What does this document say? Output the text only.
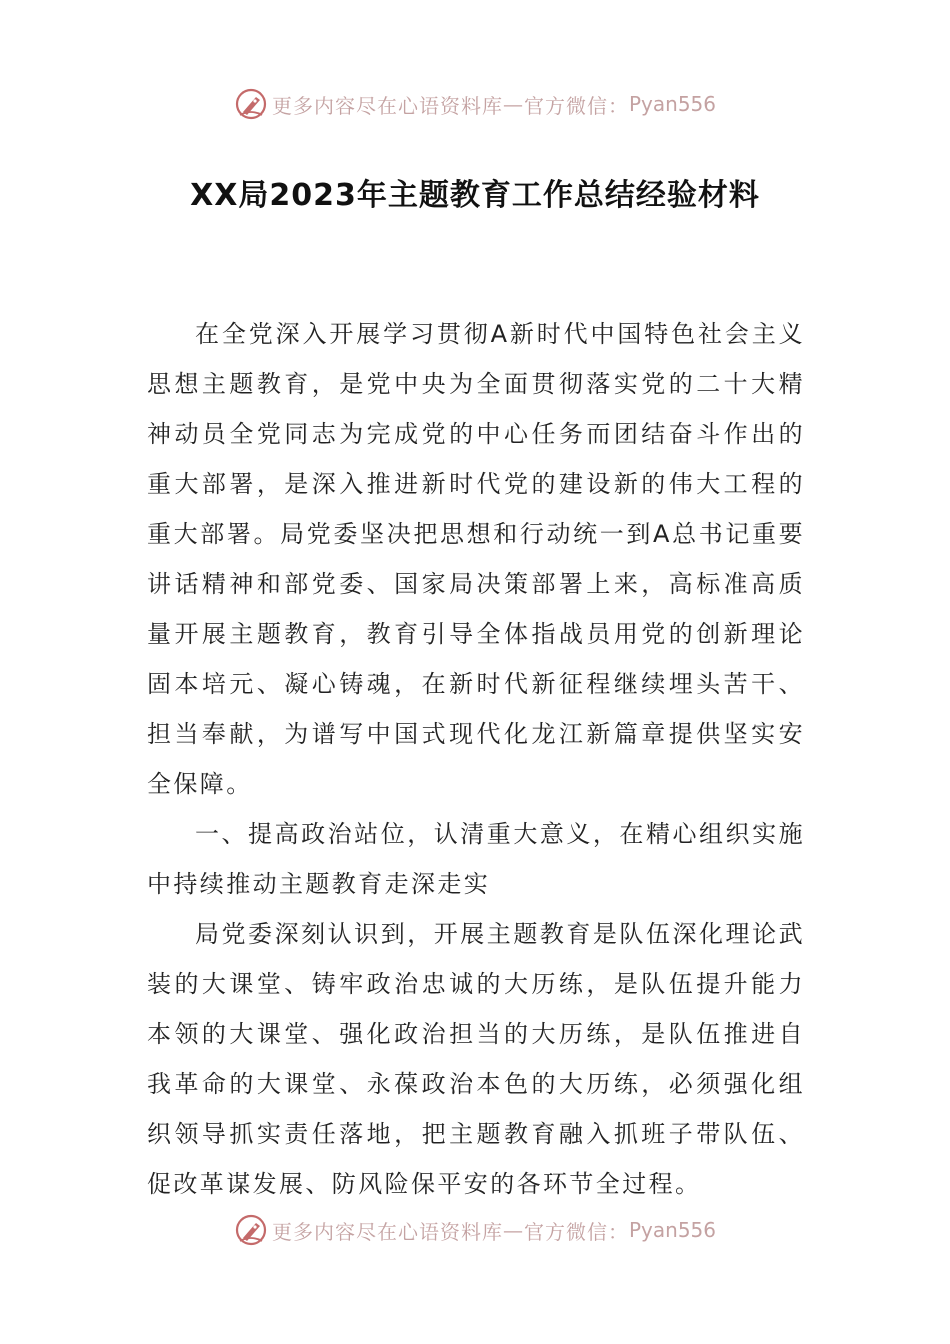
更多内容尽在心语资料库 — 官方微信： Pyan556
XX局2023年主题教育工作总结经验材料

在全党深入开展学习贯彻A新时代中国特色社会主义思想主题教育，是党中央为全面贯彻落实党的二十大精神动员全党同志为完成党的中心任务而团结奋斗作出的重大部署，是深入推进新时代党的建设新的伟大工程的重大部署。局党委坚决把思想和行动统一到A总书记重要讲话精神和部党委、国家局决策部署上来，高标准高质量开展主题教育，教育引导全体指战员用党的创新理论固本培元、凝心铸魂，在新时代新征程继续埋头苦干、担当奉献，为谱写中国式现代化龙江新篇章提供坚实安全保障。

一、提高政治站位，认清重大意义，在精心组织实施中持续推动主题教育走深走实

局党委深刻认识到，开展主题教育是队伍深化理论武装的大课堂、铸牢政治忠诚的大历练，是队伍提升能力本领的大课堂、强化政治担当的大历练，是队伍推进自我革命的大课堂、永葆政治本色的大历练，必须强化组织领导抓实责任落地，把主题教育融入抓班子带队伍、促改革谋发展、防风险保平安的各环节全过程。

更多内容尽在心语资料库 — 官方微信： Pyan556
